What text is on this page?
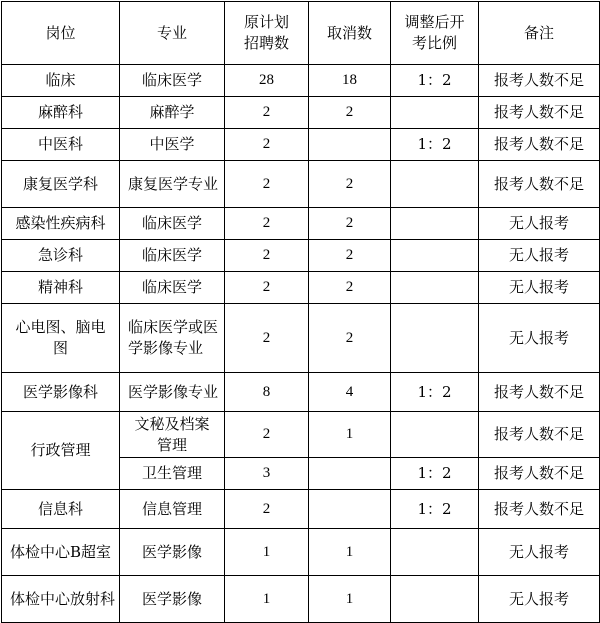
岗位	专业	原计划招聘数	取消数	调整后开考比例	备注
临床	临床医学	28	18	1：2	报考人数不足
麻醉科	麻醉学	2	2		报考人数不足
中医科	中医学	2		1：2	报考人数不足
康复医学科	康复医学专业	2	2		报考人数不足
感染性疾病科	临床医学	2	2		无人报考
急诊科	临床医学	2	2		无人报考
精神科	临床医学	2	2		无人报考
心电图、脑电图	临床医学或医学影像专业	2	2		无人报考
医学影像科	医学影像专业	8	4	1：2	报考人数不足
行政管理	文秘及档案管理	2	1		报考人数不足
	卫生管理	3		1：2	报考人数不足
信息科	信息管理	2		1：2	报考人数不足
体检中心B超室	医学影像	1	1		无人报考
体检中心放射科	医学影像	1	1		无人报考
